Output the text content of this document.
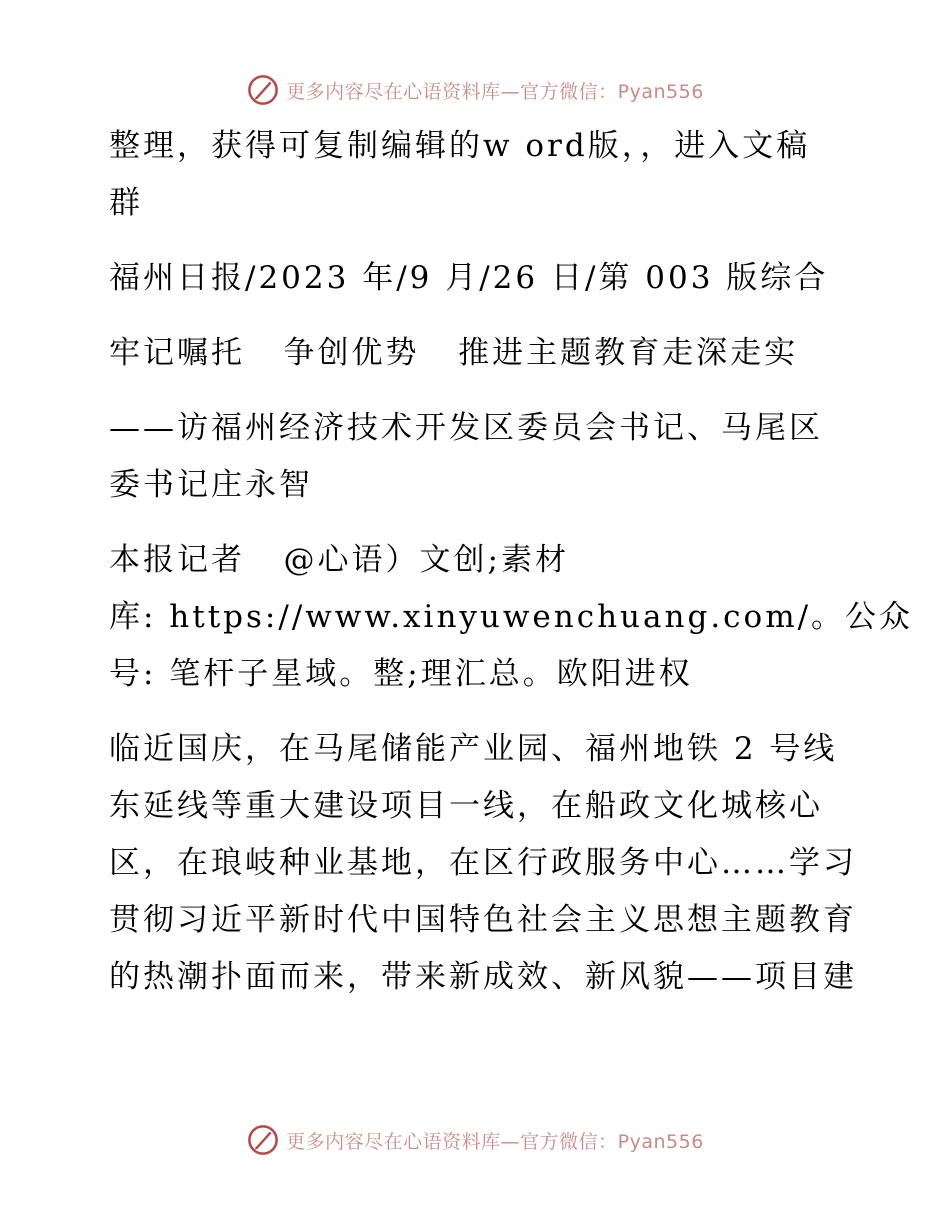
更多内容尽在心语资料库—官方微信：Pyan556

整理，获得可复制编辑的w ord版，，进入文稿
群

福州日报/2023 年/9 月/26 日/第 003 版综合

牢记嘱托   争创优势   推进主题教育走深走实

——访福州经济技术开发区委员会书记、马尾区
委书记庄永智

本报记者   @心语）文创;素材
库: https://www.xinyuwenchuang.com/。公众
号: 笔杆子星域。整;理汇总。欧阳进权

临近国庆，在马尾储能产业园、福州地铁 2 号线
东延线等重大建设项目一线，在船政文化城核心
区，在琅岐种业基地，在区行政服务中心……学习
贯彻习近平新时代中国特色社会主义思想主题教育
的热潮扑面而来，带来新成效、新风貌——项目建

更多内容尽在心语资料库—官方微信：Pyan556
